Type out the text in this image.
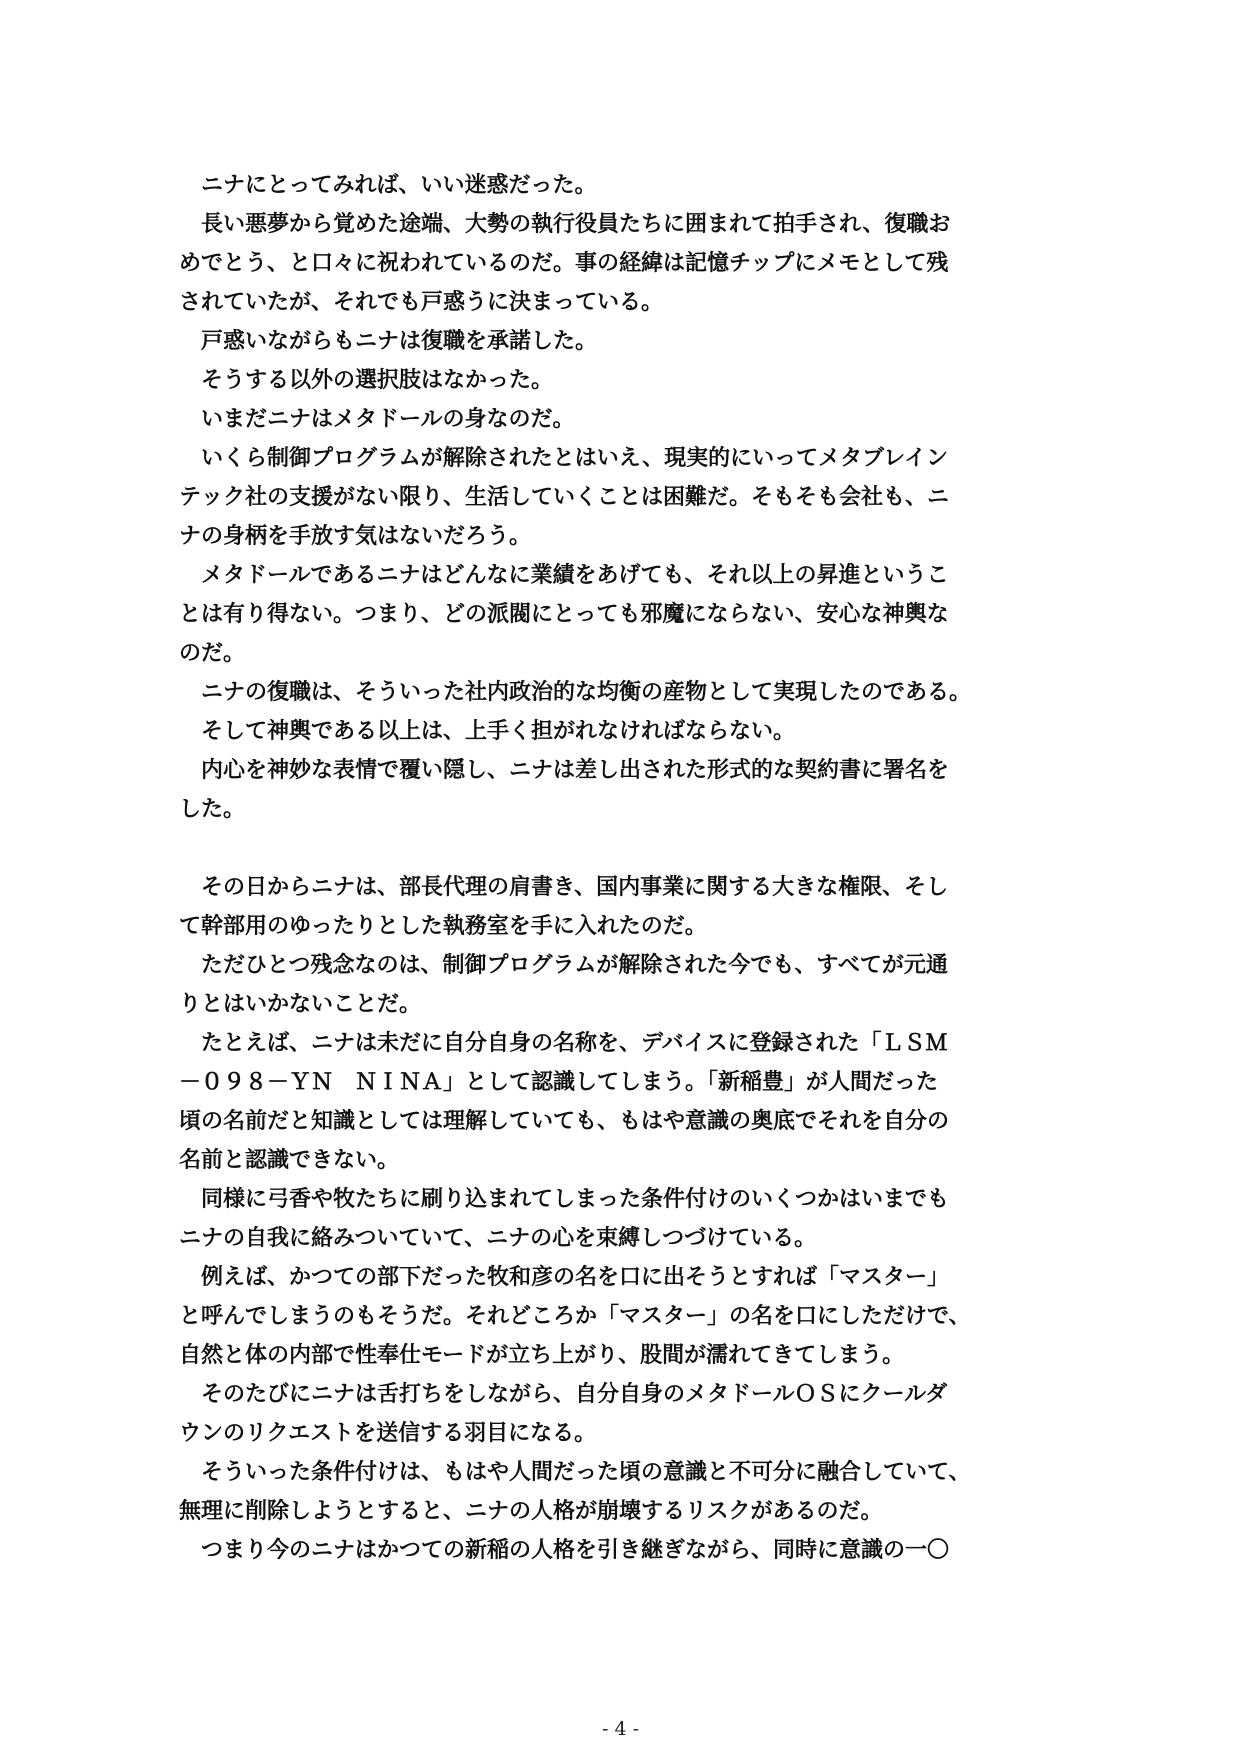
　ニナにとってみれば、いい迷惑だった。
　長い悪夢から覚めた途端、大勢の執行役員たちに囲まれて拍手され、復職お
めでとう、と口々に祝われているのだ。事の経緯は記憶チップにメモとして残
されていたが、それでも戸惑うに決まっている。
　戸惑いながらもニナは復職を承諾した。
　そうする以外の選択肢はなかった。
　いまだニナはメタドールの身なのだ。
　いくら制御プログラムが解除されたとはいえ、現実的にいってメタブレイン
テック社の支援がない限り、生活していくことは困難だ。そもそも会社も、ニ
ナの身柄を手放す気はないだろう。
　メタドールであるニナはどんなに業績をあげても、それ以上の昇進というこ
とは有り得ない。つまり、どの派閥にとっても邪魔にならない、安心な神輿な
のだ。
　ニナの復職は、そういった社内政治的な均衡の産物として実現したのである。
　そして神輿である以上は、上手く担がれなければならない。
　内心を神妙な表情で覆い隠し、ニナは差し出された形式的な契約書に署名を
した。
　その日からニナは、部長代理の肩書き、国内事業に関する大きな権限、そし
て幹部用のゆったりとした執務室を手に入れたのだ。
　ただひとつ残念なのは、制御プログラムが解除された今でも、すべてが元通
りとはいかないことだ。
　たとえば、ニナは未だに自分自身の名称を、デバイスに登録された「ＬＳＭ
－０９８－ＹＮ　ＮＩＮＡ」として認識してしまう。「新稲豊」が人間だった
頃の名前だと知識としては理解していても、もはや意識の奥底でそれを自分の
名前と認識できない。
　同様に弓香や牧たちに刷り込まれてしまった条件付けのいくつかはいまでも
ニナの自我に絡みついていて、ニナの心を束縛しつづけている。
　例えば、かつての部下だった牧和彦の名を口に出そうとすれば「マスター」
と呼んでしまうのもそうだ。それどころか「マスター」の名を口にしただけで、
自然と体の内部で性奉仕モードが立ち上がり、股間が濡れてきてしまう。
　そのたびにニナは舌打ちをしながら、自分自身のメタドールＯＳにクールダ
ウンのリクエストを送信する羽目になる。
　そういった条件付けは、もはや人間だった頃の意識と不可分に融合していて、
無理に削除しようとすると、ニナの人格が崩壊するリスクがあるのだ。
　つまり今のニナはかつての新稲の人格を引き継ぎながら、同時に意識の一〇
- 4 -
